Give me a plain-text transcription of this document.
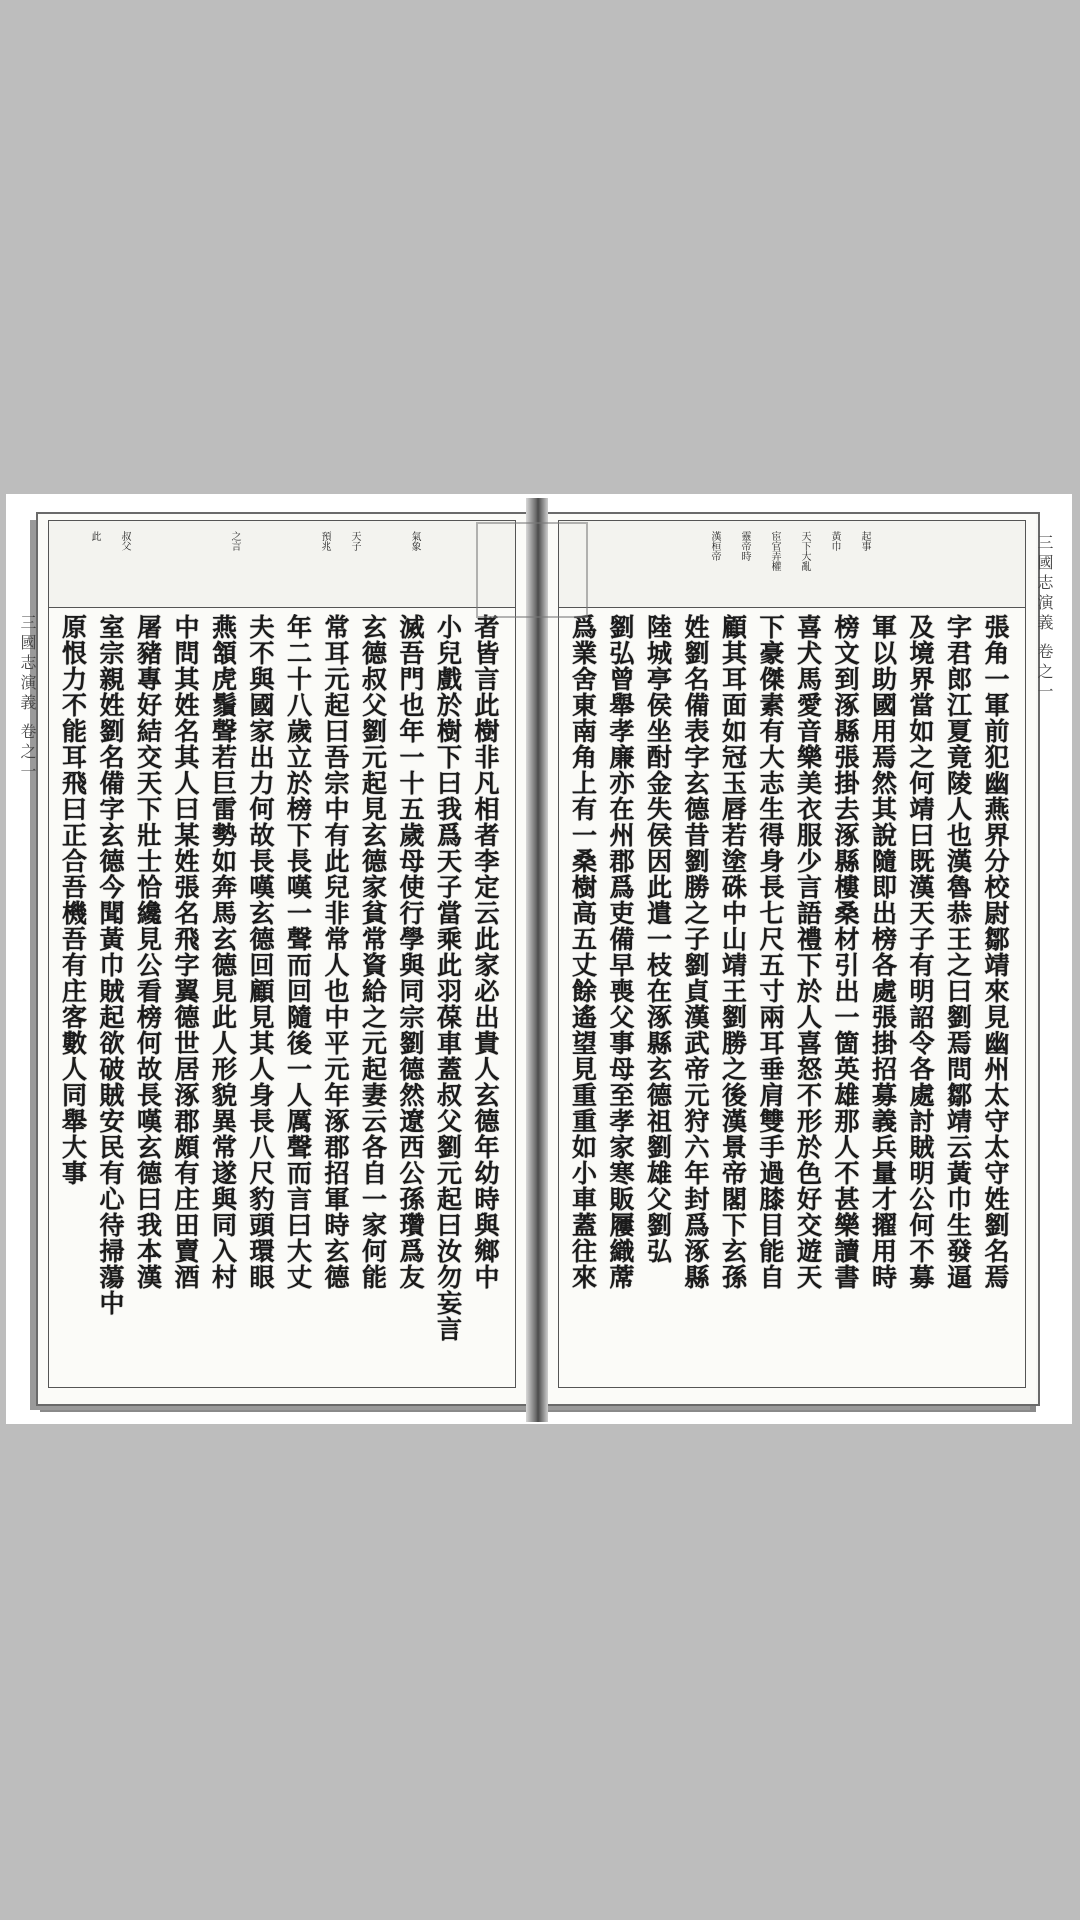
此 叔父	之言	預兆 天子	氣象
三國志演義 卷之一	者皆言此樹非凡相者李定云此家必出貴人玄德年幼時與鄉中
小兒戲於樹下曰我爲天子當乘此羽葆車蓋叔父劉元起曰汝勿妄言
滅吾門也年一十五歲母使行學與同宗劉德然遼西公孫瓚爲友
玄德叔父劉元起見玄德家貧常資給之元起妻云各自一家何能
常耳元起曰吾宗中有此兒非常人也中平元年涿郡招軍時玄德
年二十八歲立於榜下長嘆一聲而回隨後一人厲聲而言曰大丈
夫不與國家出力何故長嘆玄德回顧見其人身長八尺豹頭環眼
燕頷虎鬚聲若巨雷勢如奔馬玄德見此人形貌異常遂與同入村
中問其姓名其人曰某姓張名飛字翼德世居涿郡頗有庄田賣酒
屠豬專好結交天下壯士恰纔見公看榜何故長嘆玄德曰我本漢
室宗親姓劉名備字玄德今聞黃巾賊起欲破賊安民有心待掃蕩中
原恨力不能耳飛曰正合吾機吾有庄客數人同舉大事
漢桓帝 靈帝時 宦官弄權 天下大亂 黃巾 起事	三國志演義 卷之一
張角一軍前犯幽燕界分校尉鄒靖來見幽州太守太守姓劉名焉
字君郎江夏竟陵人也漢魯恭王之曰劉焉問鄒靖云黃巾生發逼
及境界當如之何靖曰既漢天子有明詔令各處討賊明公何不募
軍以助國用焉然其說隨即出榜各處張掛招募義兵量才擢用時
榜文到涿縣張掛去涿縣樓桑材引出一箇英雄那人不甚樂讀書
喜犬馬愛音樂美衣服少言語禮下於人喜怒不形於色好交遊天
下豪傑素有大志生得身長七尺五寸兩耳垂肩雙手過膝目能自
顧其耳面如冠玉唇若塗硃中山靖王劉勝之後漢景帝閣下玄孫
姓劉名備表字玄德昔劉勝之子劉貞漢武帝元狩六年封爲涿縣
陸城亭侯坐酎金失侯因此遣一枝在涿縣玄德祖劉雄父劉弘
劉弘曾舉孝廉亦在州郡爲吏備早喪父事母至孝家寒販屨織蓆
爲業舍東南角上有一桑樹高五丈餘遙望見重重如小車蓋往來
